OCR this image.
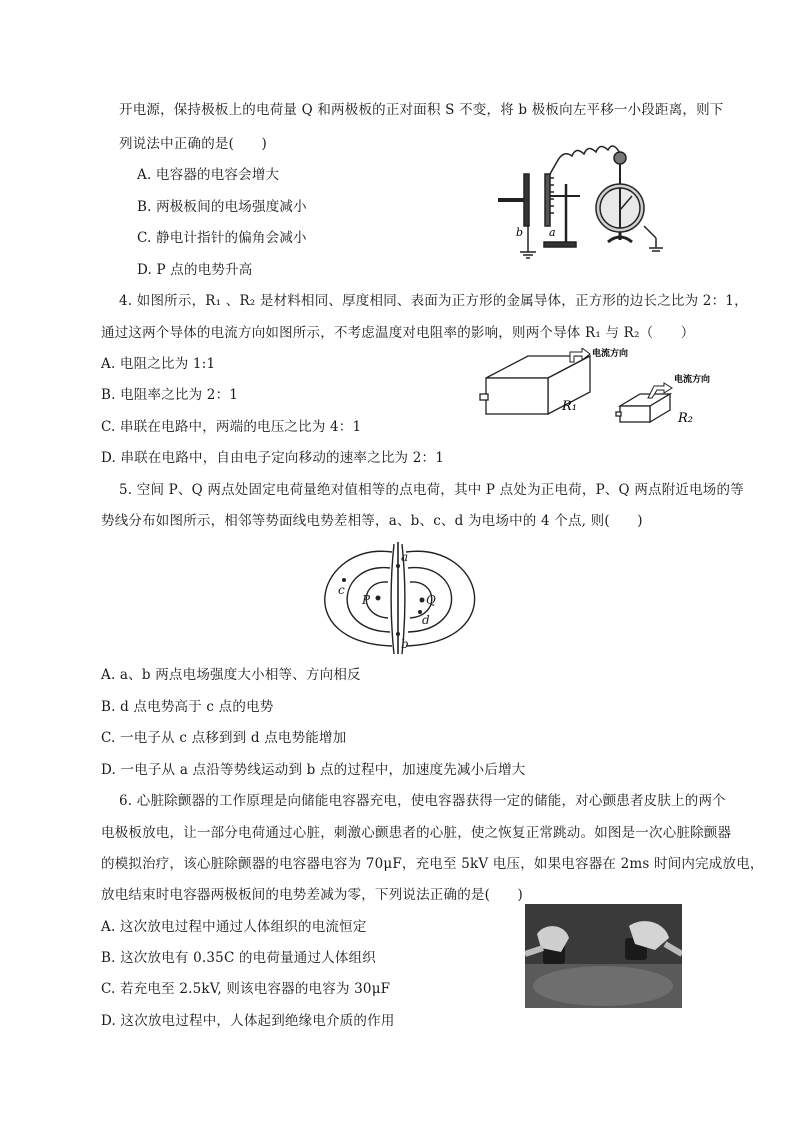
开电源，保持极板上的电荷量 Q 和两极板的正对面积 S 不变，将 b 极板向左平移一小段距离，则下
列说法中正确的是(　　)
A. 电容器的电容会增大
B. 两极板间的电场强度减小
C. 静电计指针的偏角会减小
D. P 点的电势升高
b a
4. 如图所示，R₁ 、R₂ 是材料相同、厚度相同、表面为正方形的金属导体，正方形的边长之比为 2：1，
通过这两个导体的电流方向如图所示，不考虑温度对电阻率的影响，则两个导体 R₁ 与 R₂（　　）
A. 电阻之比为 1:1
B. 电阻率之比为 2：1
C. 串联在电路中，两端的电压之比为 4：1
D. 串联在电路中，自由电子定向移动的速率之比为 2：1
电流方向
电流方向
R₁
R₂
5. 空间 P、Q 两点处固定电荷量绝对值相等的点电荷，其中 P 点处为正电荷，P、Q 两点附近电场的等
势线分布如图所示，相邻等势面线电势差相等，a、b、c、d 为电场中的 4 个点, 则(　　)
a
b
c
d
P	Q
A. a、b 两点电场强度大小相等、方向相反
B. d 点电势高于 c 点的电势
C. 一电子从 c 点移到到 d 点电势能增加
D. 一电子从 a 点沿等势线运动到 b 点的过程中，加速度先减小后增大
6. 心脏除颤器的工作原理是向储能电容器充电，使电容器获得一定的储能，对心颤患者皮肤上的两个
电极板放电，让一部分电荷通过心脏，刺激心颤患者的心脏，使之恢复正常跳动。如图是一次心脏除颤器
的模拟治疗，该心脏除颤器的电容器电容为 70μF，充电至 5kV 电压，如果电容器在 2ms 时间内完成放电，
放电结束时电容器两极板间的电势差减为零，下列说法正确的是(　　)
A. 这次放电过程中通过人体组织的电流恒定
B. 这次放电有 0.35C 的电荷量通过人体组织
C. 若充电至 2.5kV, 则该电容器的电容为 30μF
D. 这次放电过程中，人体起到绝缘电介质的作用
